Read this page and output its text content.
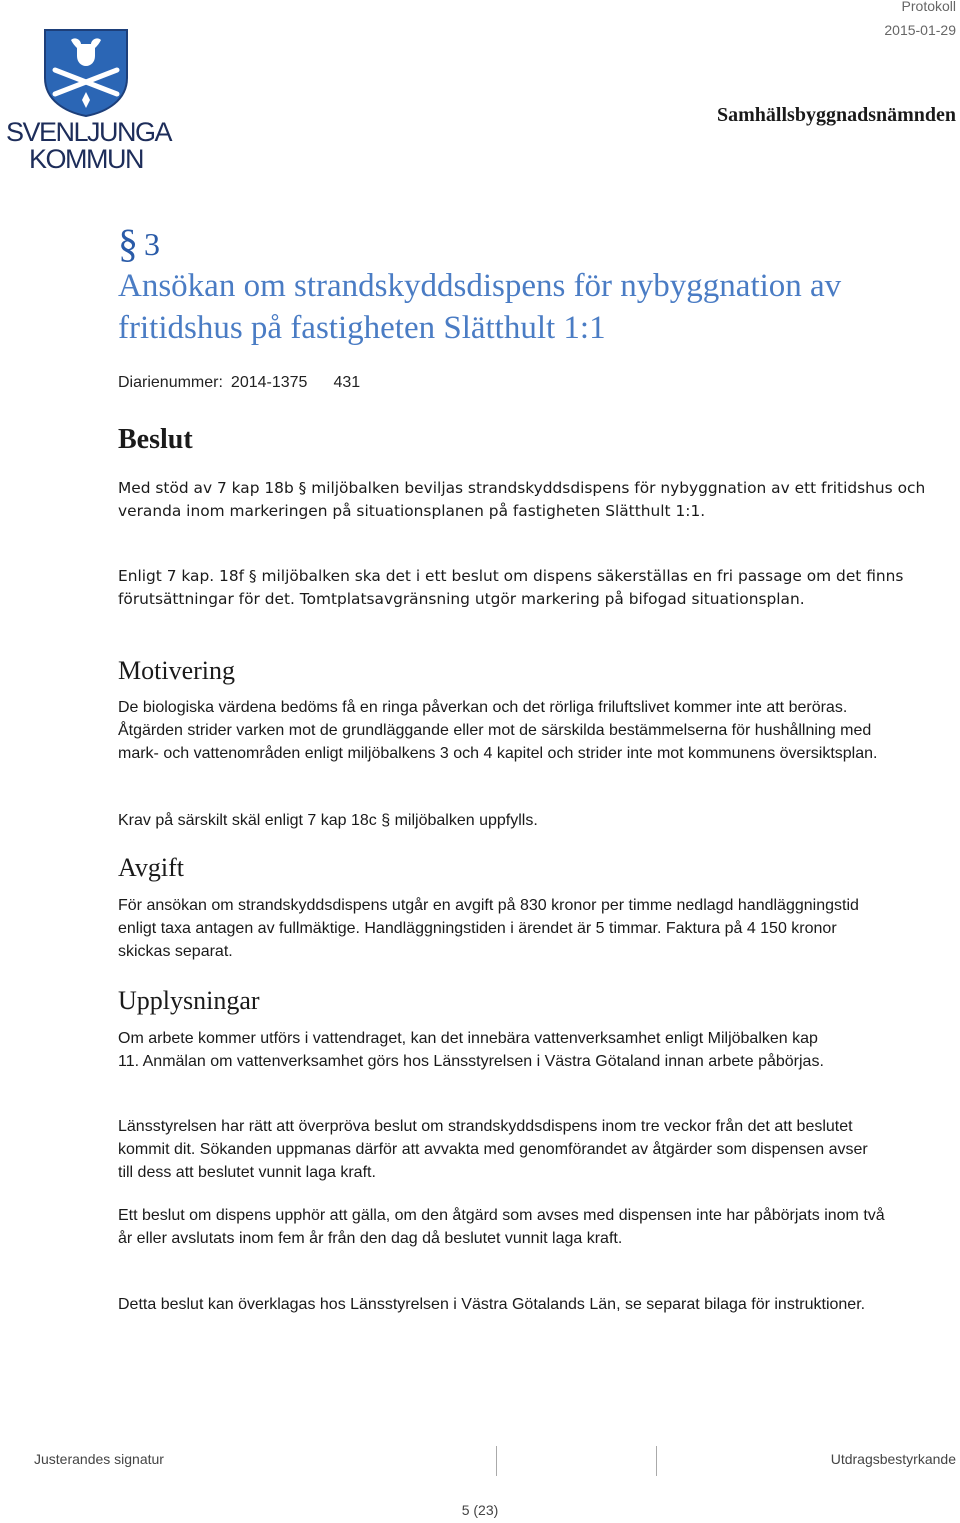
SVENLJUNGA
KOMMUN
Protokoll
2015-01-29
Samhällsbyggnadsnämnden
§ 3
Ansökan om strandskyddsdispens för nybyggnation av fritidshus på fastigheten Slätthult 1:1
Diarienummer: 2014-1375 431
Beslut

Med stöd av 7 kap 18b § miljöbalken beviljas strandskyddsdispens för nybyggnation av ett fritidshus och veranda inom markeringen på situationsplanen på fastigheten Slätthult 1:1.

Enligt 7 kap. 18f § miljöbalken ska det i ett beslut om dispens säkerställas en fri passage om det finns förutsättningar för det. Tomtplatsavgränsning utgör markering på bifogad situationsplan.

Motivering

De biologiska värdena bedöms få en ringa påverkan och det rörliga friluftslivet kommer inte att beröras. Åtgärden strider varken mot de grundläggande eller mot de särskilda bestämmelserna för hushållning med mark- och vattenområden enligt miljöbalkens 3 och 4 kapitel och strider inte mot kommunens översiktsplan.

Krav på särskilt skäl enligt 7 kap 18c § miljöbalken uppfylls.

Avgift

För ansökan om strandskyddsdispens utgår en avgift på 830 kronor per timme nedlagd handläggningstid enligt taxa antagen av fullmäktige. Handläggningstiden i ärendet är 5 timmar. Faktura på 4 150 kronor skickas separat.

Upplysningar

Om arbete kommer utförs i vattendraget, kan det innebära vattenverksamhet enligt Miljöbalken kap 11. Anmälan om vattenverksamhet görs hos Länsstyrelsen i Västra Götaland innan arbete påbörjas.

Länsstyrelsen har rätt att överpröva beslut om strandskyddsdispens inom tre veckor från det att beslutet kommit dit. Sökanden uppmanas därför att avvakta med genomförandet av åtgärder som dispensen avser till dess att beslutet vunnit laga kraft.

Ett beslut om dispens upphör att gälla, om den åtgärd som avses med dispensen inte har påbörjats inom två år eller avslutats inom fem år från den dag då beslutet vunnit laga kraft.

Detta beslut kan överklagas hos Länsstyrelsen i Västra Götalands Län, se separat bilaga för instruktioner.

Justerandes signatur	Utdragsbestyrkande
5 (23)
